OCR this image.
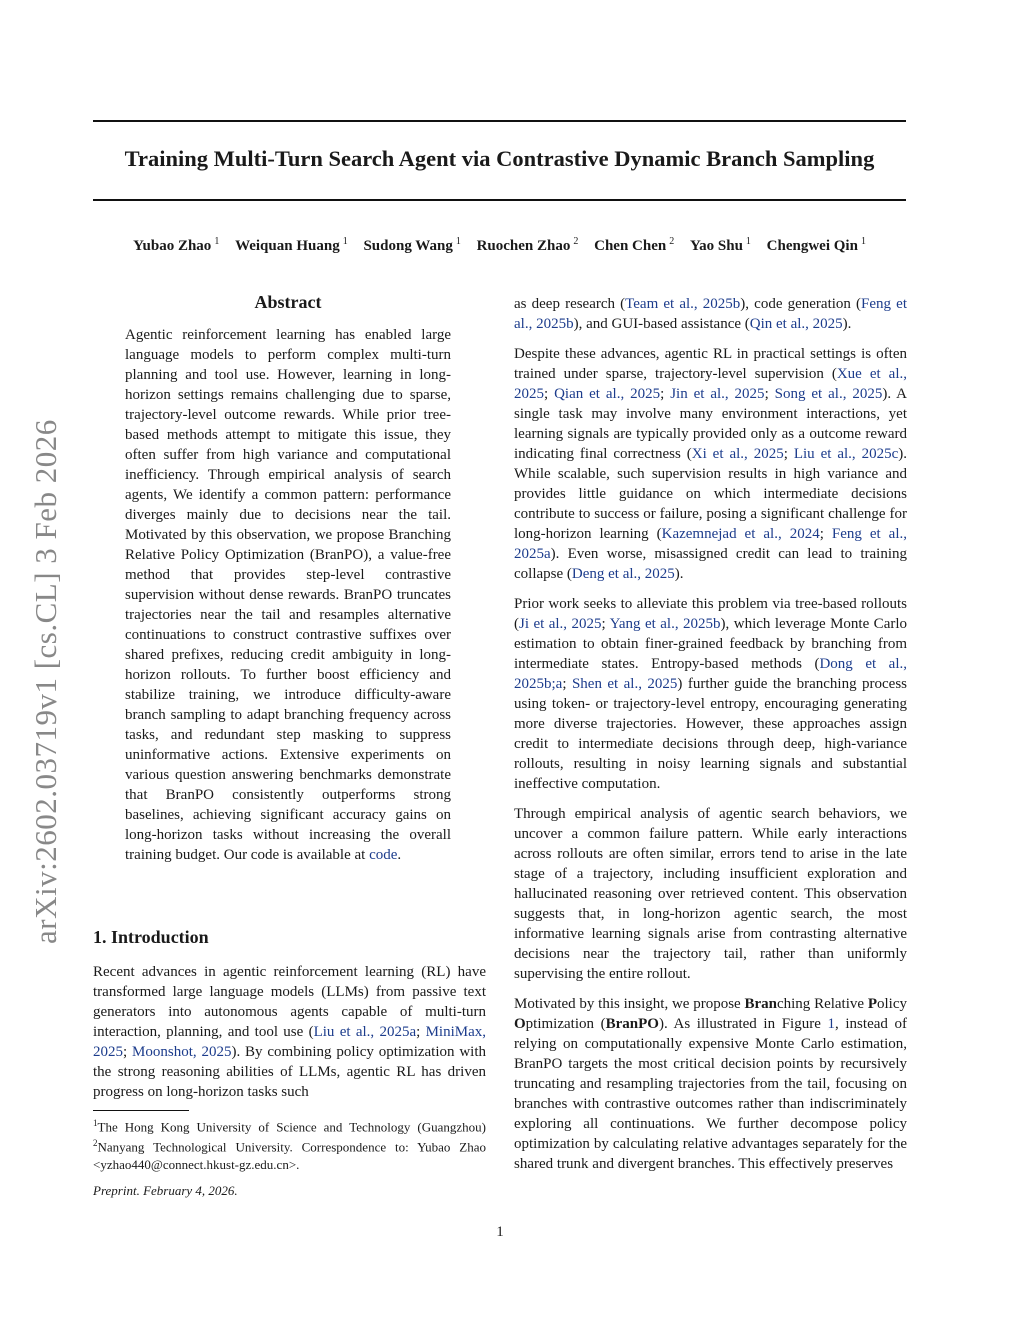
Training Multi-Turn Search Agent via Contrastive Dynamic Branch Sampling
Yubao Zhao $^1$ Weiquan Huang $^1$ Sudong Wang $^1$ Ruochen Zhao $^2$ Chen Chen $^2$ Yao Shu $^1$ Chengwei Qin $^1$
arXiv:2602.03719v1 [cs.CL] 3 Feb 2026
Abstract
Agentic reinforcement learning has enabled large language models to perform complex multi-turn planning and tool use. However, learning in long-horizon settings remains challenging due to sparse, trajectory-level outcome rewards. While prior tree-based methods attempt to mitigate this issue, they often suffer from high variance and computational inefficiency. Through empirical analysis of search agents, We identify a common pattern: performance diverges mainly due to decisions near the tail. Motivated by this observation, we propose Branching Relative Policy Optimization (BranPO), a value-free method that provides step-level contrastive supervision without dense rewards. BranPO truncates trajectories near the tail and resamples alternative continuations to construct contrastive suffixes over shared prefixes, reducing credit ambiguity in long-horizon rollouts. To further boost efficiency and stabilize training, we introduce difficulty-aware branch sampling to adapt branching frequency across tasks, and redundant step masking to suppress uninformative actions. Extensive experiments on various question answering benchmarks demonstrate that BranPO consistently outperforms strong baselines, achieving significant accuracy gains on long-horizon tasks without increasing the overall training budget. Our code is available at code.
1. Introduction
Recent advances in agentic reinforcement learning (RL) have transformed large language models (LLMs) from passive text generators into autonomous agents capable of multi-turn interaction, planning, and tool use (Liu et al., 2025a; MiniMax, 2025; Moonshot, 2025). By combining policy optimization with the strong reasoning abilities of LLMs, agentic RL has driven progress on long-horizon tasks such
$^1$The Hong Kong University of Science and Technology (Guangzhou) $^2$Nanyang Technological University. Correspondence to: Yubao Zhao <yzhao440@connect.hkust-gz.edu.cn>.
Preprint. February 4, 2026.

as deep research (Team et al., 2025b), code generation (Feng et al., 2025b), and GUI-based assistance (Qin et al., 2025).

Despite these advances, agentic RL in practical settings is often trained under sparse, trajectory-level supervision (Xue et al., 2025; Qian et al., 2025; Jin et al., 2025; Song et al., 2025). A single task may involve many environment interactions, yet learning signals are typically provided only as a outcome reward indicating final correctness (Xi et al., 2025; Liu et al., 2025c). While scalable, such supervision results in high variance and provides little guidance on which intermediate decisions contribute to success or failure, posing a significant challenge for long-horizon learning (Kazemnejad et al., 2024; Feng et al., 2025a). Even worse, misassigned credit can lead to training collapse (Deng et al., 2025).

Prior work seeks to alleviate this problem via tree-based rollouts (Ji et al., 2025; Yang et al., 2025b), which leverage Monte Carlo estimation to obtain finer-grained feedback by branching from intermediate states. Entropy-based methods (Dong et al., 2025b;a; Shen et al., 2025) further guide the branching process using token- or trajectory-level entropy, encouraging generating more diverse trajectories. However, these approaches assign credit to intermediate decisions through deep, high-variance rollouts, resulting in noisy learning signals and substantial ineffective computation.

Through empirical analysis of agentic search behaviors, we uncover a common failure pattern. While early interactions across rollouts are often similar, errors tend to arise in the late stage of a trajectory, including insufficient exploration and hallucinated reasoning over retrieved content. This observation suggests that, in long-horizon agentic search, the most informative learning signals arise from contrasting alternative decisions near the trajectory tail, rather than uniformly supervising the entire rollout.

Motivated by this insight, we propose Branching Relative Policy Optimization (BranPO). As illustrated in Figure 1, instead of relying on computationally expensive Monte Carlo estimation, BranPO targets the most critical decision points by recursively truncating and resampling trajectories from the tail, focusing on branches with contrastive outcomes rather than indiscriminately exploring all continuations. We further decompose policy optimization by calculating relative advantages separately for the shared trunk and divergent branches. This effectively preserves

1
